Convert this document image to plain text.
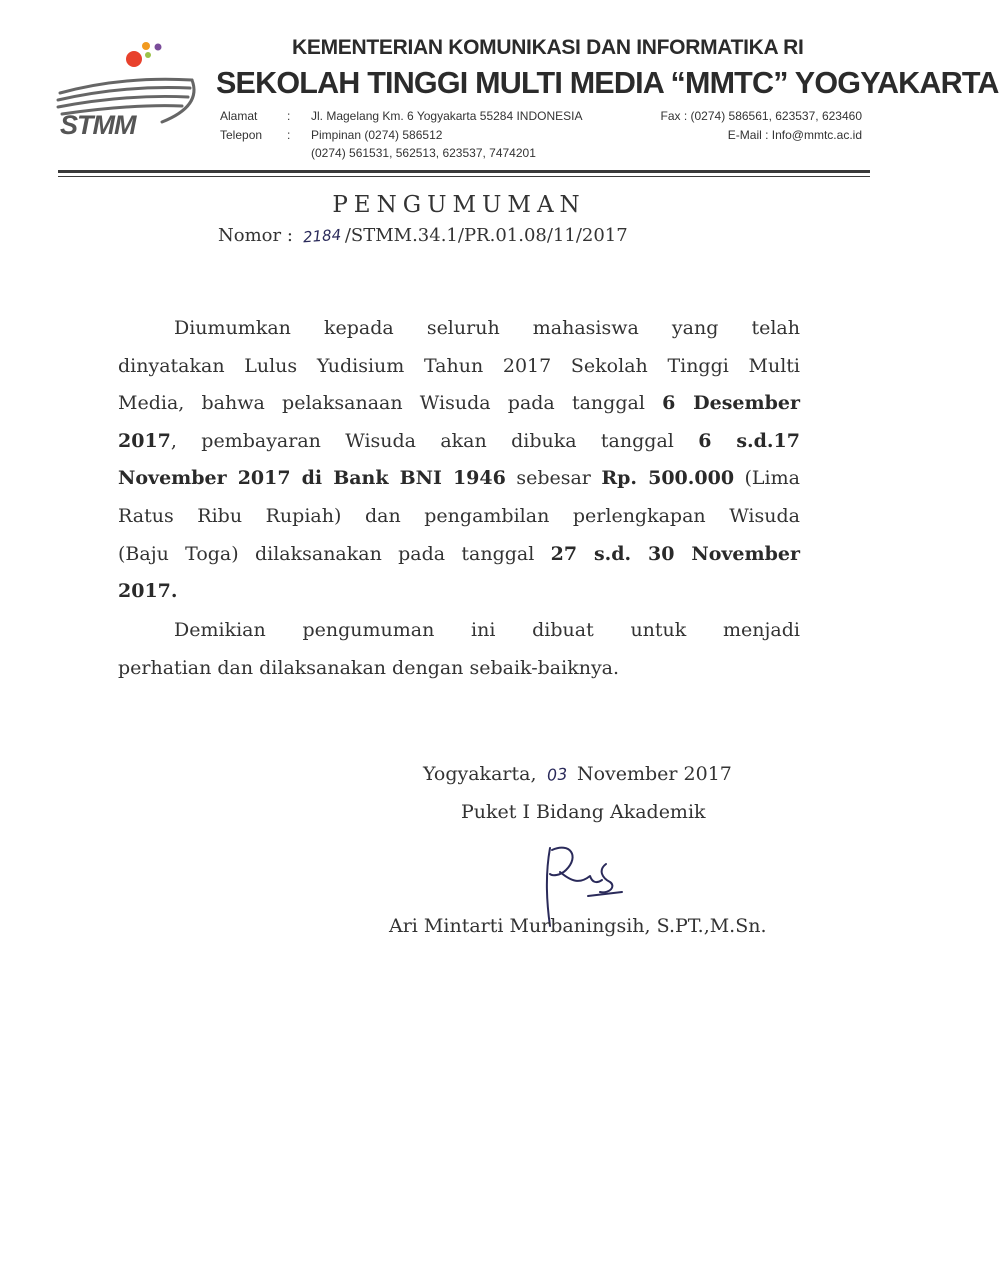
STMM
KEMENTERIAN KOMUNIKASI DAN INFORMATIKA RI
SEKOLAH TINGGI MULTI MEDIA “MMTC” YOGYAKARTA
Alamat : Jl. Magelang Km. 6 Yogyakarta 55284 INDONESIA
Telepon : Pimpinan (0274) 586512
(0274) 561531, 562513, 623537, 7474201
Fax : (0274) 586561, 623537, 623460
E-Mail : Info@mmtc.ac.id
PENGUMUMAN
Nomor : 2184 /STMM.34.1/PR.01.08/11/2017
Diumumkan kepada seluruh mahasiswa yang telah
dinyatakan Lulus Yudisium Tahun 2017 Sekolah Tinggi Multi
Media, bahwa pelaksanaan Wisuda pada tanggal 6 Desember
2017, pembayaran Wisuda akan dibuka tanggal 6 s.d.17
November 2017 di Bank BNI 1946 sebesar Rp. 500.000 (Lima
Ratus Ribu Rupiah) dan pengambilan perlengkapan Wisuda
(Baju Toga) dilaksanakan pada tanggal 27 s.d. 30 November
2017.
Demikian pengumuman ini dibuat untuk menjadi
perhatian dan dilaksanakan dengan sebaik-baiknya.
Yogyakarta, 03 November 2017
Puket I Bidang Akademik
Ari Mintarti Murbaningsih, S.PT.,M.Sn.
